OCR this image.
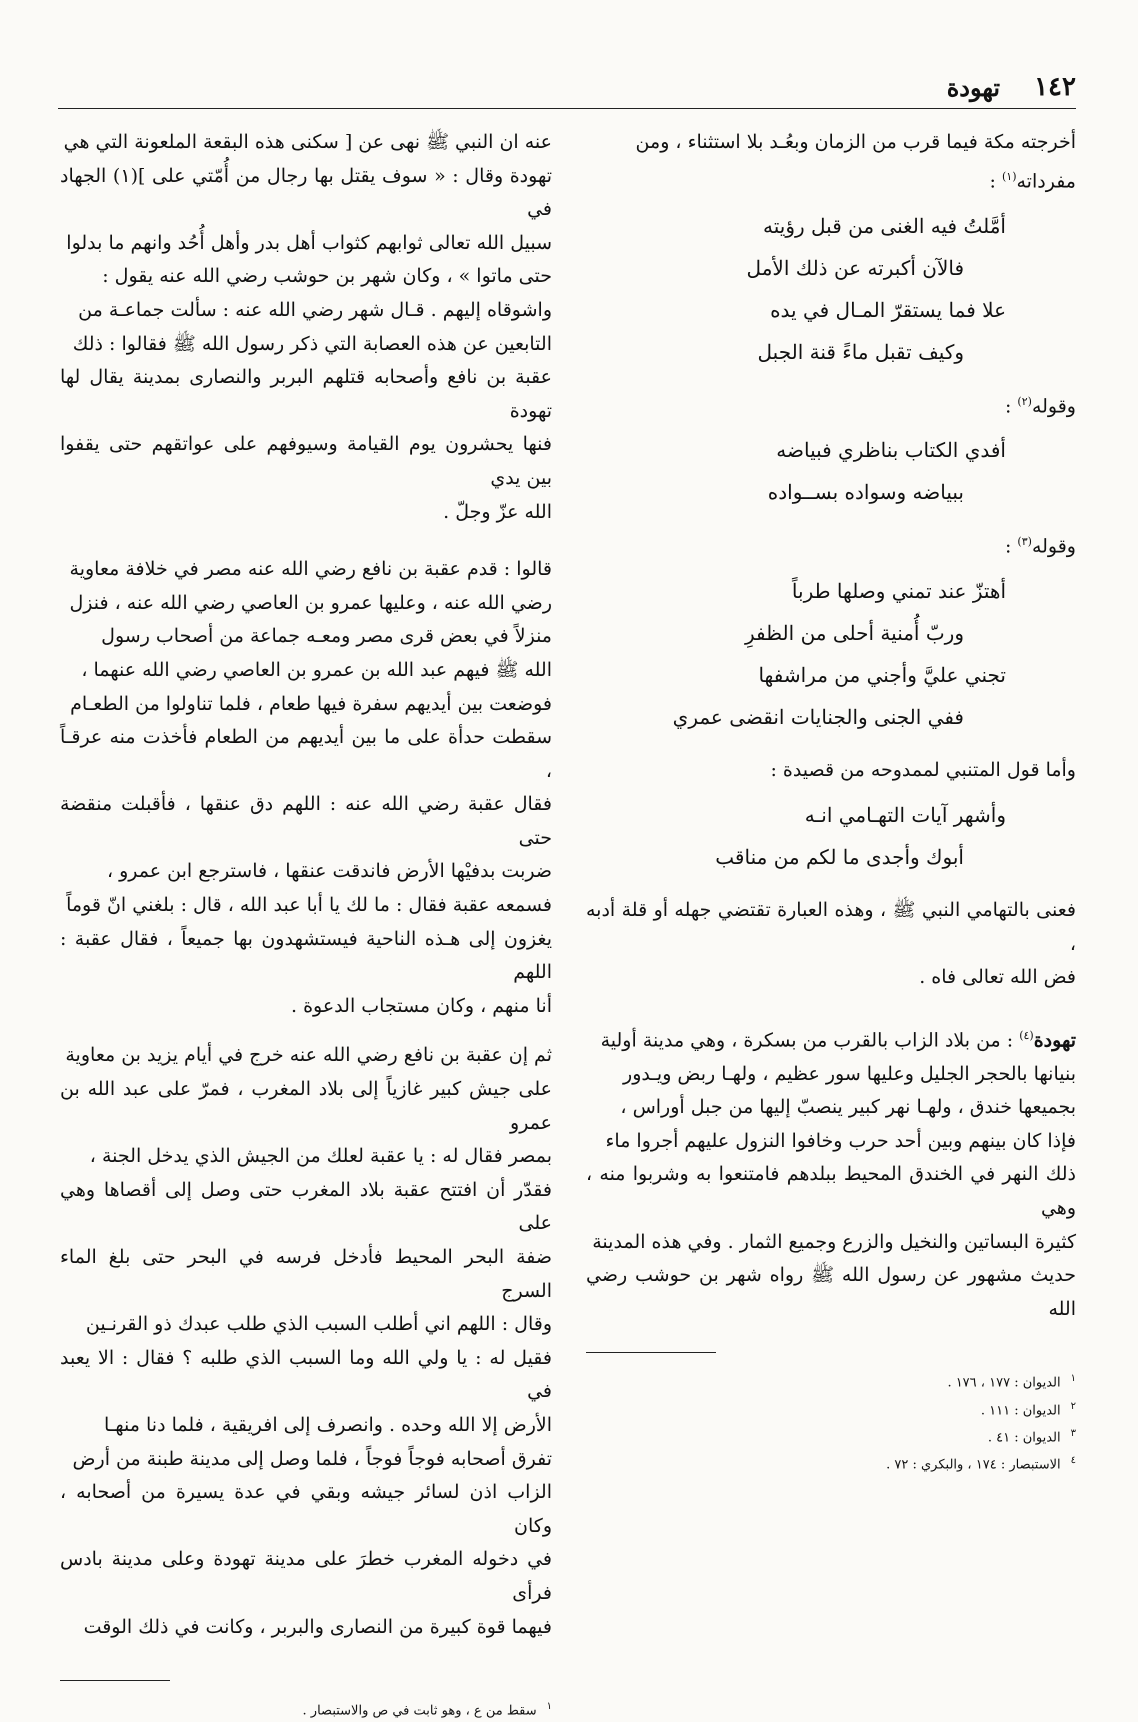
١٤٢
تهودة

أخرجته مكة فيما قرب من الزمان وبعُـد بلا استثناء ، ومن

مفرداته$^{(١)}$ :

أمَّلتُ فيه الغنى من قبل رؤيته

فالآن أكبرته عن ذلك الأمل

علا فما يستقرّ المـال في يده

وكيف تقبل ماءً قنة الجبل

وقوله$^{(٢)}$ :

أفدي الكتاب بناظري فبياضه

ببياضه وسواده بســواده

وقوله$^{(٣)}$ :

أهتزّ عند تمني وصلها طرباً

وربّ أُمنية أحلى من الظفرِ

تجني عليَّ وأجني من مراشفها

ففي الجنى والجنايات انقضى عمري

وأما قول المتنبي لممدوحه من قصيدة :

وأشهر آيات التهـامي انـه

أبوك وأجدى ما لكم من مناقب

فعنى بالتهامي النبي ﷺ ، وهذه العبارة تقتضي جهله أو قلة أدبه ،

فض الله تعالى فاه .

تهودة$^{(٤)}$ : من بلاد الزاب بالقرب من بسكرة ، وهي مدينة أولية

بنيانها بالحجر الجليل وعليها سور عظيم ، ولهـا ربض ويـدور

بجميعها خندق ، ولهـا نهر كبير ينصبّ إليها من جبل أوراس ،

فإذا كان بينهم وبين أحد حرب وخافوا النزول عليهم أجروا ماء

ذلك النهر في الخندق المحيط ببلدهم فامتنعوا به وشربوا منه ، وهي

كثيرة البساتين والنخيل والزرع وجميع الثمار . وفي هذه المدينة

حديث مشهور عن رسول الله ﷺ رواه شهر بن حوشب رضي الله

$^١$الديوان : ١٧٧ ، ١٧٦ .
$^٢$الديوان : ١١١ .
$^٣$الديوان : ٤١ .
$^٤$الاستبصار : ١٧٤ ، والبكري : ٧٢ .

عنه ان النبي ﷺ نهى عن [ سكنى هذه البقعة الملعونة التي هي

تهودة وقال : « سوف يقتل بها رجال من أُمّتي على ](١) الجهاد في

سبيل الله تعالى ثوابهم كثواب أهل بدر وأهل أُحُد وانهم ما بدلوا

حتى ماتوا » ، وكان شهر بن حوشب رضي الله عنه يقول :

واشوقاه إليهم . قـال شهر رضي الله عنه : سألت جماعـة من

التابعين عن هذه العصابة التي ذكر رسول الله ﷺ فقالوا : ذلك

عقبة بن نافع وأصحابه قتلهم البربر والنصارى بمدينة يقال لها تهودة

فنها يحشرون يوم القيامة وسيوفهم على عواتقهم حتى يقفوا بين يدي

الله عزّ وجلّ .

قالوا : قدم عقبة بن نافع رضي الله عنه مصر في خلافة معاوية

رضي الله عنه ، وعليها عمرو بن العاصي رضي الله عنه ، فنزل

منزلاً في بعض قرى مصر ومعـه جماعة من أصحاب رسول

الله ﷺ فيهم عبد الله بن عمرو بن العاصي رضي الله عنهما ،

فوضعت بين أيديهم سفرة فيها طعام ، فلما تناولوا من الطعـام

سقطت حدأة على ما بين أيديهم من الطعام فأخذت منه عرقـاً ،

فقال عقبة رضي الله عنه : اللهم دق عنقها ، فأقبلت منقضة حتى

ضربت بدفيْها الأرض فاندقت عنقها ، فاسترجع ابن عمرو ،

فسمعه عقبة فقال : ما لك يا أبا عبد الله ، قال : بلغني انّ قوماً

يغزون إلى هـذه الناحية فيستشهدون بها جميعاً ، فقال عقبة : اللهم

أنا منهم ، وكان مستجاب الدعوة .

ثم إن عقبة بن نافع رضي الله عنه خرج في أيام يزيد بن معاوية

على جيش كبير غازياً إلى بلاد المغرب ، فمرّ على عبد الله بن عمرو

بمصر فقال له : يا عقبة لعلك من الجيش الذي يدخل الجنة ،

فقدّر أن افتتح عقبة بلاد المغرب حتى وصل إلى أقصاها وهي على

ضفة البحر المحيط فأدخل فرسه في البحر حتى بلغ الماء السرج

وقال : اللهم اني أطلب السبب الذي طلب عبدك ذو القرنـين

فقيل له : يا ولي الله وما السبب الذي طلبه ؟ فقال : الا يعبد في

الأرض إلا الله وحده . وانصرف إلى افريقية ، فلما دنا منهـا

تفرق أصحابه فوجاً فوجاً ، فلما وصل إلى مدينة طبنة من أرض

الزاب اذن لسائر جيشه وبقي في عدة يسيرة من أصحابه ، وكان

في دخوله المغرب خطرَ على مدينة تهودة وعلى مدينة بادس فرأى

فيهما قوة كبيرة من النصارى والبربر ، وكانت في ذلك الوقت

$^١$سقط من ع ، وهو ثابت في ص والاستبصار .
